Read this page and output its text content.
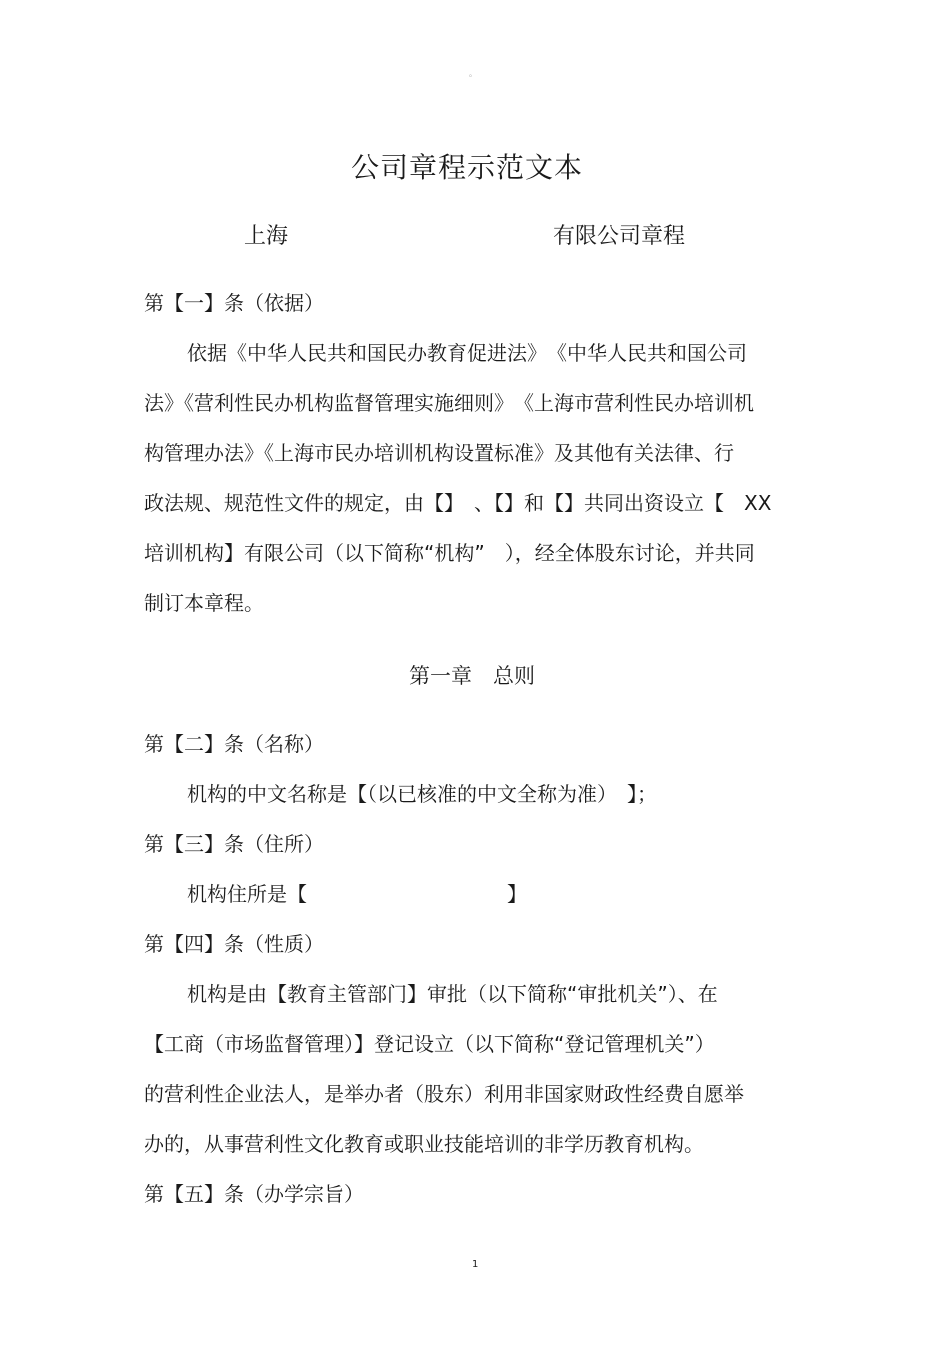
。
公司章程示范文本
上海	有限公司章程

第【一】条（依据）

依据《中华人民共和国民办教育促进法》　《中华人民共和国公司

法》《营利性民办机构监督管理实施细则》　《上海市营利性民办培训机

构管理办法》《上海市民办培训机构设置标准》及其他有关法律、行

政法规、规范性文件的规定，由【】　、【】和【】共同出资设立【　XX

培训机构】有限公司（以下简称“机构”　），经全体股东讨论，并共同

制订本章程。

第一章　总则

第【二】条（名称）

机构的中文名称是【（以已核准的中文全称为准）　】；

第【三】条（住所）

机构住所是【　　　　　　　　　　】

第【四】条（性质）

机构是由【教育主管部门】审批（以下简称“审批机关”）、在

【工商（市场监督管理）】登记设立（以下简称“登记管理机关”）

的营利性企业法人，是举办者（股东）利用非国家财政性经费自愿举

办的，从事营利性文化教育或职业技能培训的非学历教育机构。

第【五】条（办学宗旨）

1
